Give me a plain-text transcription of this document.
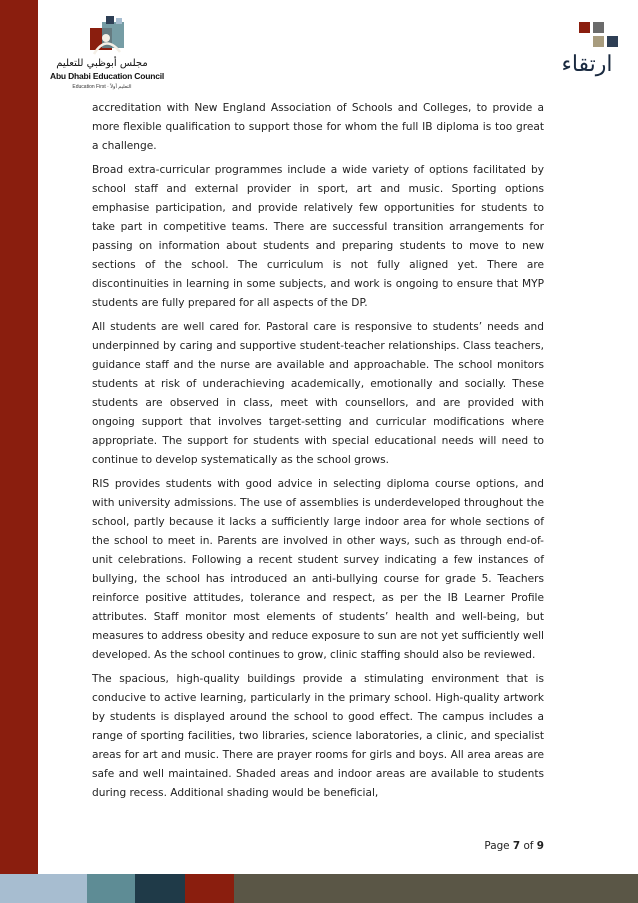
مجلس أبوظبي للتعليم
Abu Dhabi Education Council
Education First · التعليم أولاً
ارتقاء

accreditation with New England Association of Schools and Colleges, to provide a more flexible qualification to support those for whom the full IB diploma is too great a challenge.

Broad extra-curricular programmes include a wide variety of options facilitated by school staff and external provider in sport, art and music. Sporting options emphasise participation, and provide relatively few opportunities for students to take part in competitive teams. There are successful transition arrangements for passing on information about students and preparing students to move to new sections of the school. The curriculum is not fully aligned yet. There are discontinuities in learning in some subjects, and work is ongoing to ensure that MYP students are fully prepared for all aspects of the DP.

All students are well cared for. Pastoral care is responsive to students’ needs and underpinned by caring and supportive student-teacher relationships. Class teachers, guidance staff and the nurse are available and approachable. The school monitors students at risk of underachieving academically, emotionally and socially. These students are observed in class, meet with counsellors, and are provided with ongoing support that involves target-setting and curricular modifications where appropriate. The support for students with special educational needs will need to continue to develop systematically as the school grows.

RIS provides students with good advice in selecting diploma course options, and with university admissions. The use of assemblies is underdeveloped throughout the school, partly because it lacks a sufficiently large indoor area for whole sections of the school to meet in. Parents are involved in other ways, such as through end-of-unit celebrations. Following a recent student survey indicating a few instances of bullying, the school has introduced an anti-bullying course for grade 5. Teachers reinforce positive attitudes, tolerance and respect, as per the IB Learner Profile attributes. Staff monitor most elements of students’ health and well-being, but measures to address obesity and reduce exposure to sun are not yet sufficiently well developed. As the school continues to grow, clinic staffing should also be reviewed.

The spacious, high-quality buildings provide a stimulating environment that is conducive to active learning, particularly in the primary school. High-quality artwork by students is displayed around the school to good effect. The campus includes a range of sporting facilities, two libraries, science laboratories, a clinic, and specialist areas for art and music. There are prayer rooms for girls and boys. All area areas are safe and well maintained. Shaded areas and indoor areas are available to students during recess. Additional shading would be beneficial,

Page 7 of 9
